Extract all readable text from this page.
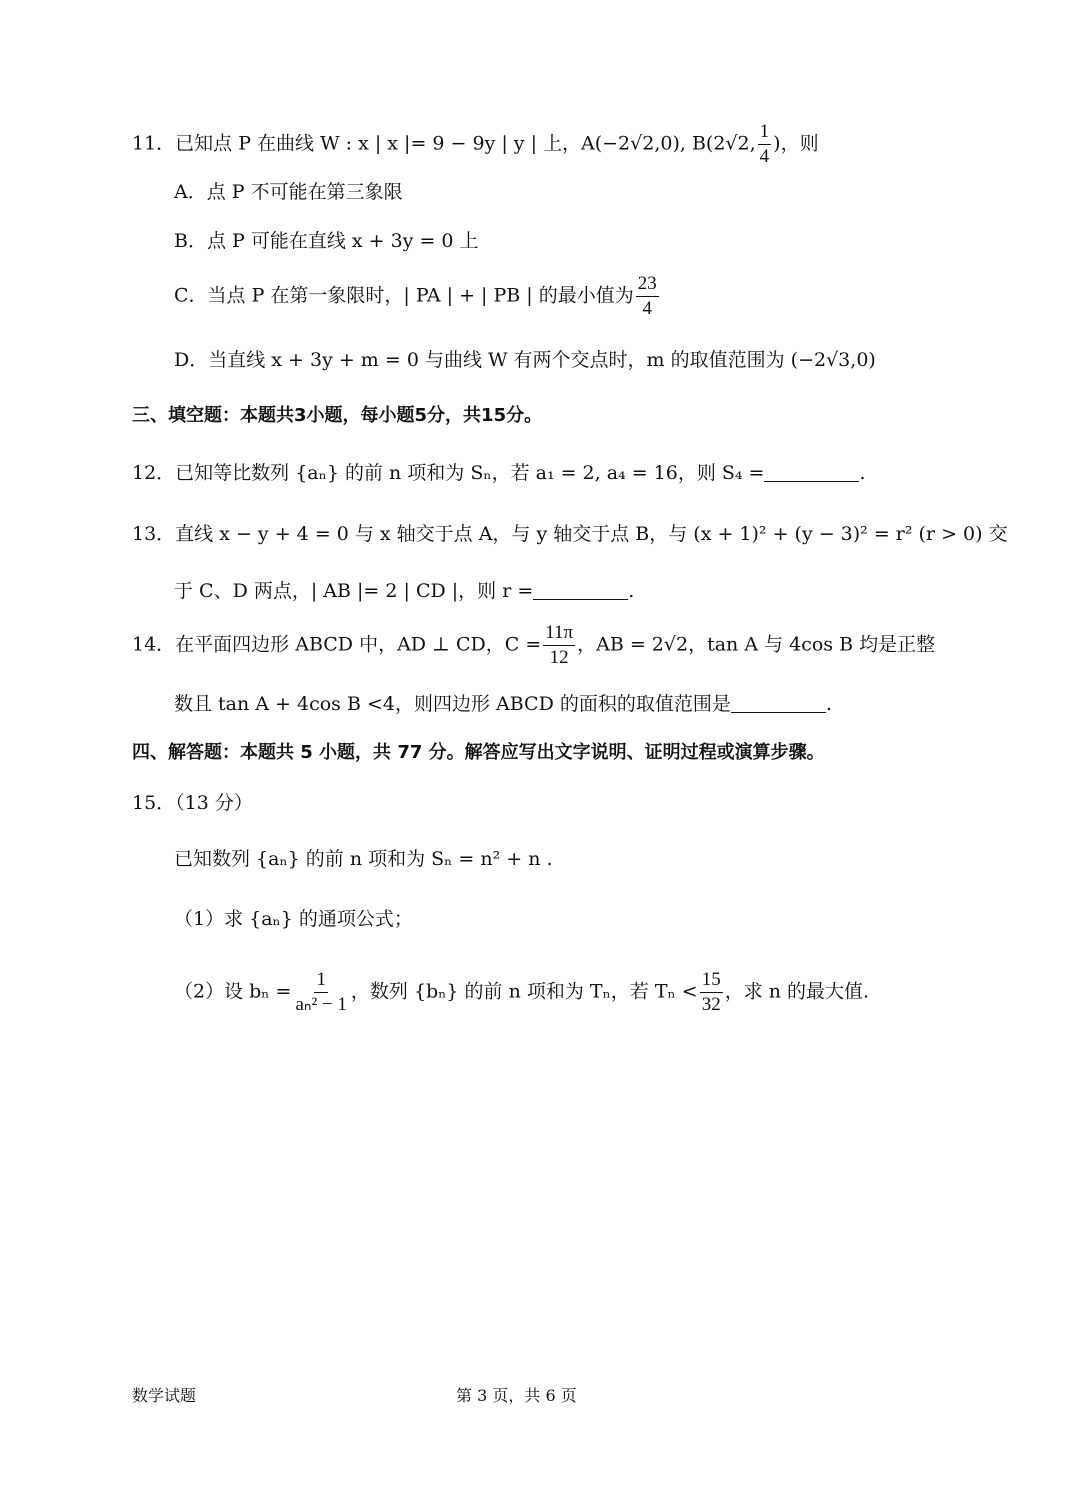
11．已知点 P 在曲线 W : x | x |= 9 − 9y | y | 上，A(−2√2,0), B(2√2, $\frac{1}{4}$ )，则
A．点 P 不可能在第三象限
B．点 P 可能在直线 x + 3y = 0 上
C．当点 P 在第一象限时，| PA | + | PB | 的最小值为 $\frac{23}{4}$
D．当直线 x + 3y + m = 0 与曲线 W 有两个交点时，m 的取值范围为 (−2√3,0)
三、填空题：本题共3小题，每小题5分，共15分。
12．已知等比数列 {aₙ} 的前 n 项和为 Sₙ，若 a₁ = 2, a₄ = 16，则 S₄ =	.
13．直线 x − y + 4 = 0 与 x 轴交于点 A，与 y 轴交于点 B，与 (x + 1)² + (y − 3)² = r² (r > 0) 交
于 C、D 两点，| AB |= 2 | CD |，则 r =	.
14．在平面四边形 ABCD 中，AD ⊥ CD，$C = \frac{11\pi}{12}$ ，AB = 2√2，tan A 与 4cos B 均是正整
数且 tan A + 4cos B <4，则四边形 ABCD 的面积的取值范围是	.
四、解答题：本题共 5 小题，共 77 分。解答应写出文字说明、证明过程或演算步骤。
15．（13 分）
已知数列 {aₙ} 的前 n 项和为 Sₙ = n² + n .
（1）求 {aₙ} 的通项公式；
（2）设 $b_n = \frac{1}{\text{aₙ² − 1}}$ ，数列 {bₙ} 的前 n 项和为 Tₙ，若 $T_n < \frac{15}{32}$ ，求 n 的最大值.
数学试题	第 3 页，共 6 页
